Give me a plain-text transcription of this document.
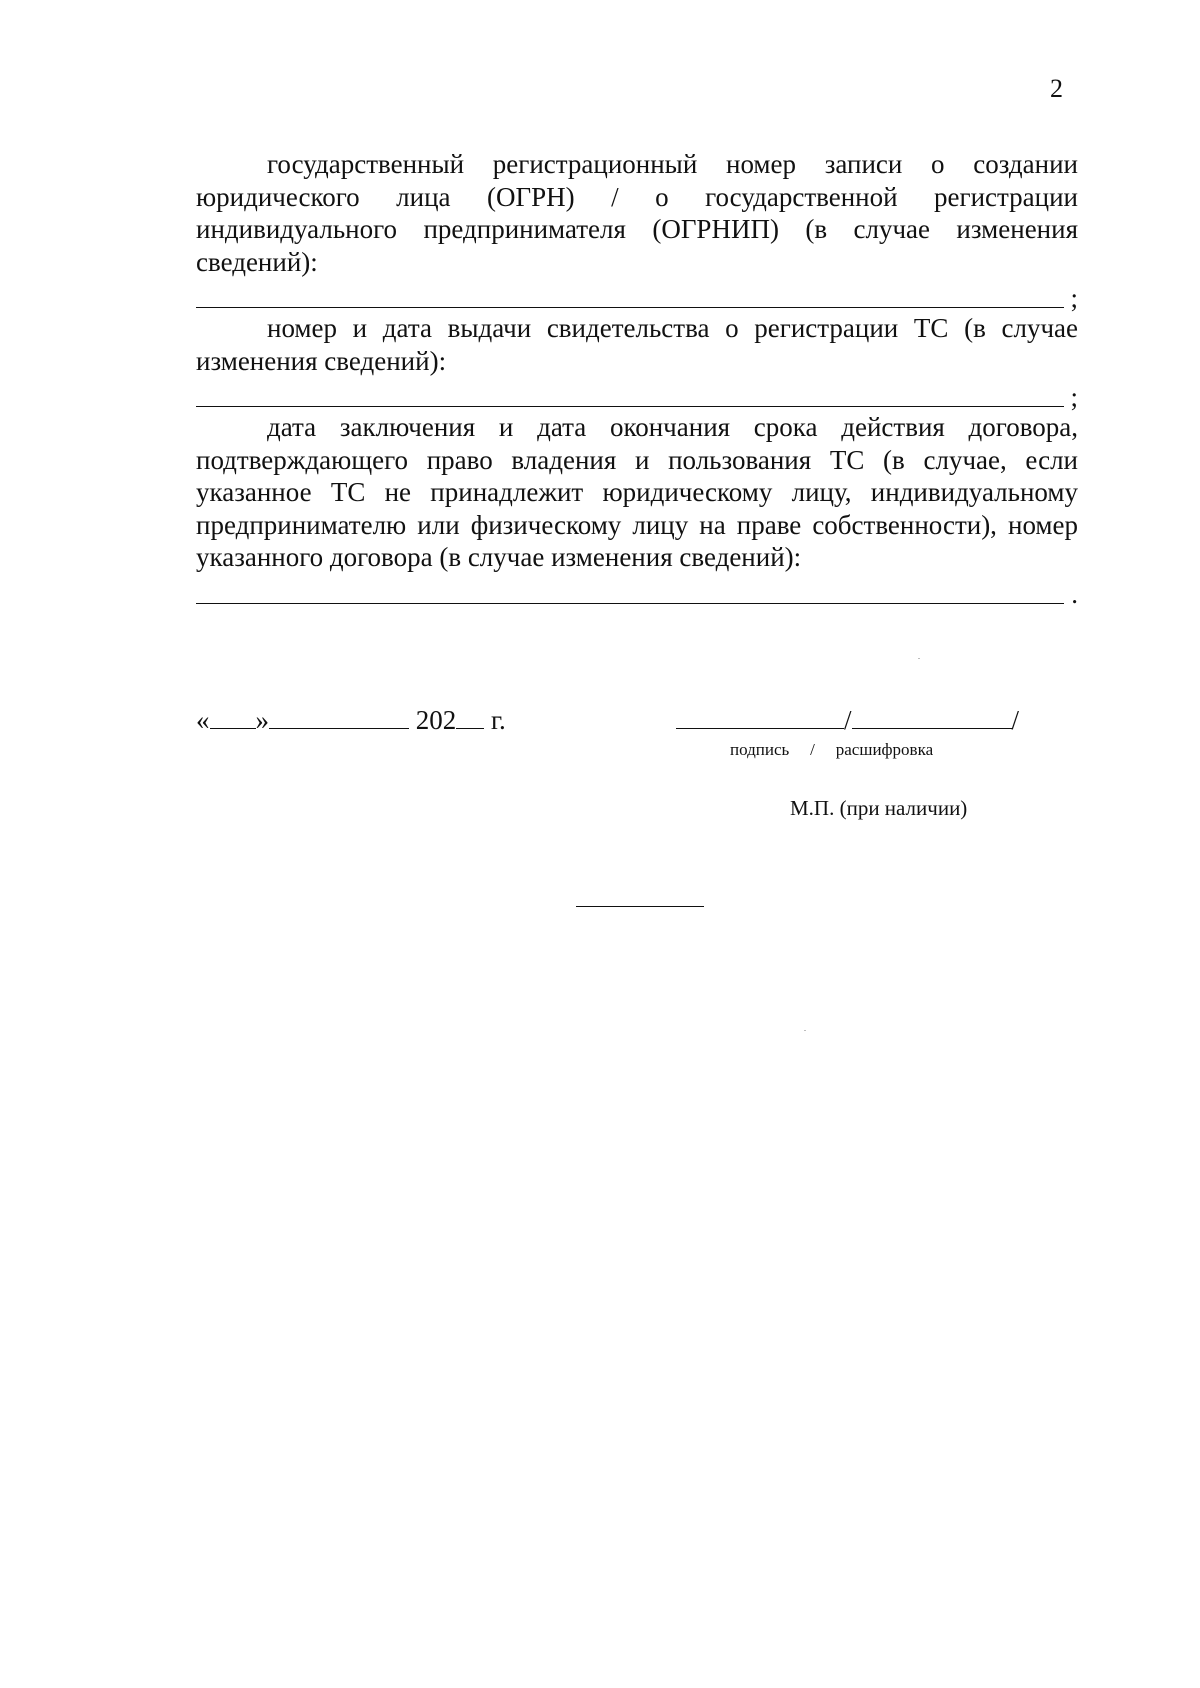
2

государственный регистрационный номер записи о создании юридического лица (ОГРН) / о государственной регистрации индивидуального предпринимателя (ОГРНИП) (в случае изменения сведений):

;

номер и дата выдачи свидетельства о регистрации ТС (в случае изменения сведений):

;

дата заключения и дата окончания срока действия договора, подтверждающего право владения и пользования ТС (в случае, если указанное ТС не принадлежит юридическому лицу, индивидуальному предпринимателю или физическому лицу на праве собственности), номер указанного договора (в случае изменения сведений):

.
« »	202 г.	/	/
подпись / расшифровка
М.П. (при наличии)
